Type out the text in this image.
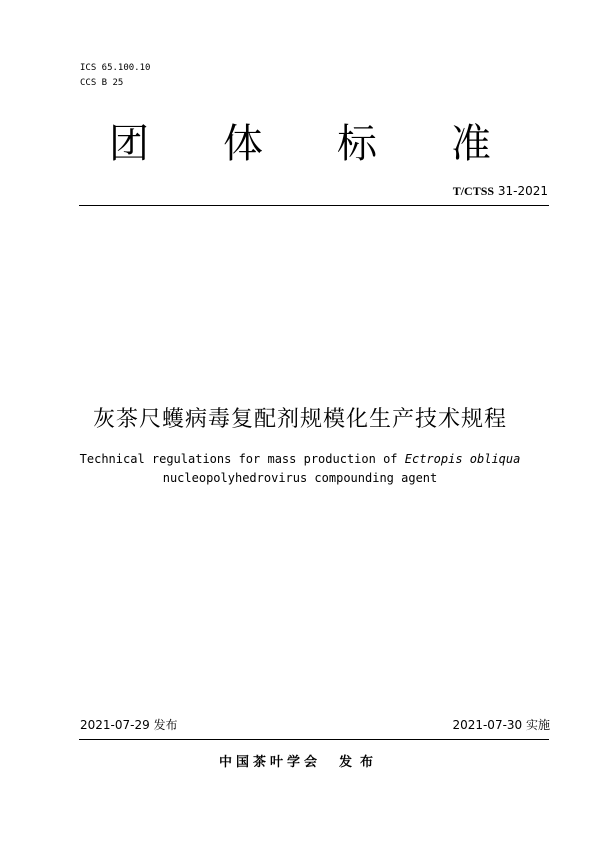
ICS 65.100.10
CCS B 25
团 体 标 准
T/CTSS 31-2021
灰茶尺蠖病毒复配剂规模化生产技术规程
Technical regulations for mass production of Ectropis obliqua
nucleopolyhedrovirus compounding agent
2021-07-29 发布	2021-07-30 实施
中国茶叶学会 发布
